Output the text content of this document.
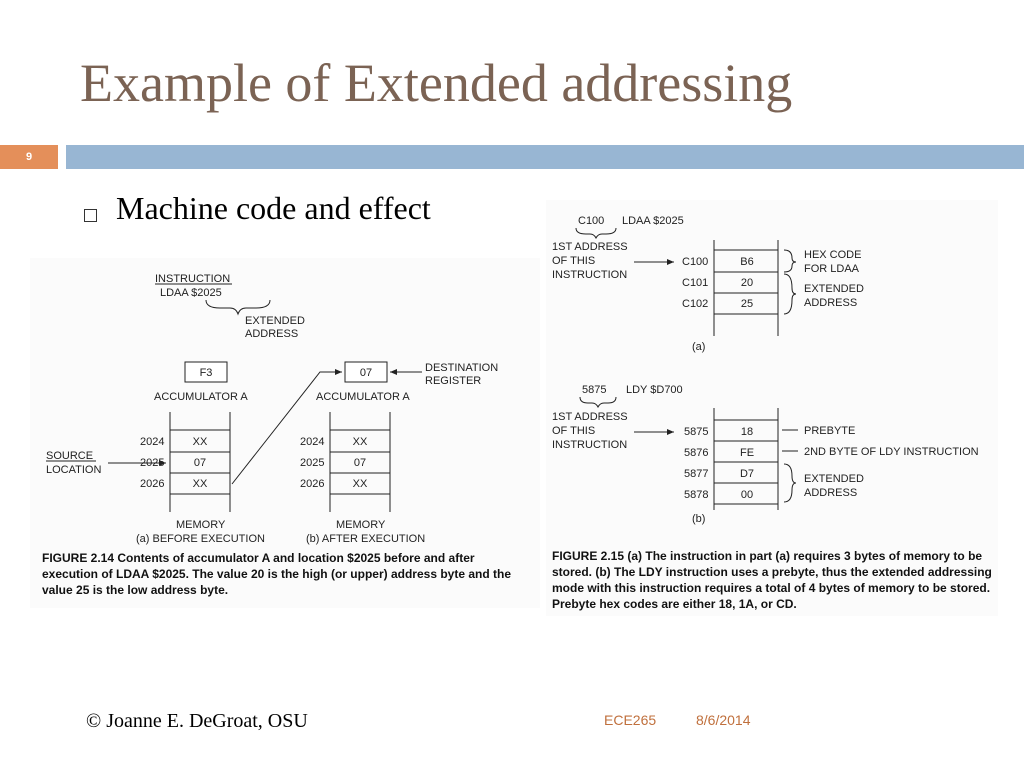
Example of Extended addressing
9
Machine code and effect
INSTRUCTION
LDAA $2025
EXTENDED
ADDRESS
F3
ACCUMULATOR A
07
ACCUMULATOR A
DESTINATION
REGISTER
2024
2025
2026
XX
07
XX
MEMORY
(a) BEFORE EXECUTION
SOURCE
LOCATION
2024
2025
2026
XX
07
XX
MEMORY
(b) AFTER EXECUTION
FIGURE 2.14 Contents of accumulator A and location $2025 before and after execution of LDAA $2025. The value 20 is the high (or upper) address byte and the value 25 is the low address byte.
C100 LDAA $2025
1ST ADDRESS
OF THIS
INSTRUCTION
C100
C101
C102
B6
20
25
HEX CODE
FOR LDAA
EXTENDED
ADDRESS
(a)
5875 LDY $D700
1ST ADDRESS
OF THIS
INSTRUCTION
5875
5876
5877
5878
18
FE
D7
00
PREBYTE
2ND BYTE OF LDY INSTRUCTION
EXTENDED
ADDRESS
(b)
FIGURE 2.15 (a) The instruction in part (a) requires 3 bytes of memory to be stored. (b) The LDY instruction uses a prebyte, thus the extended addressing mode with this instruction requires a total of 4 bytes of memory to be stored. Prebyte hex codes are either 18, 1A, or CD.
© Joanne E. DeGroat, OSU	ECE265	8/6/2014
